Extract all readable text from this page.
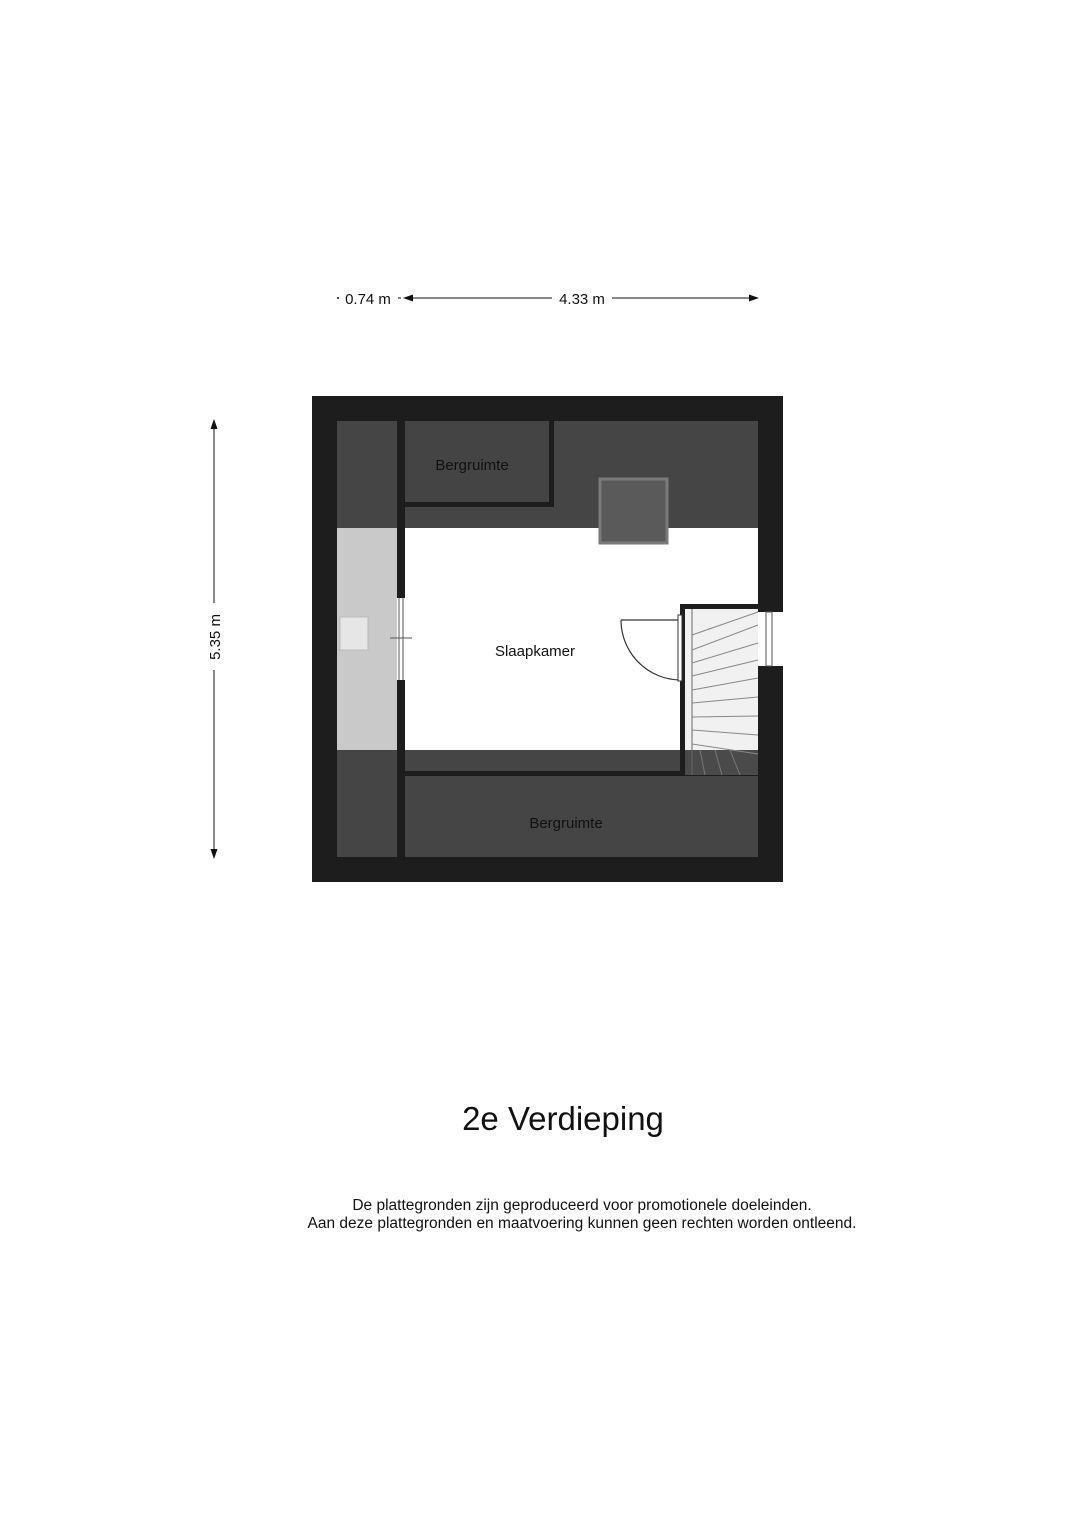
Bergruimte
Slaapkamer
Bergruimte
0.74 m	4.33 m
5.35 m
2e Verdieping
De plattegronden zijn geproduceerd voor promotionele doeleinden.
Aan deze plattegronden en maatvoering kunnen geen rechten worden ontleend.
